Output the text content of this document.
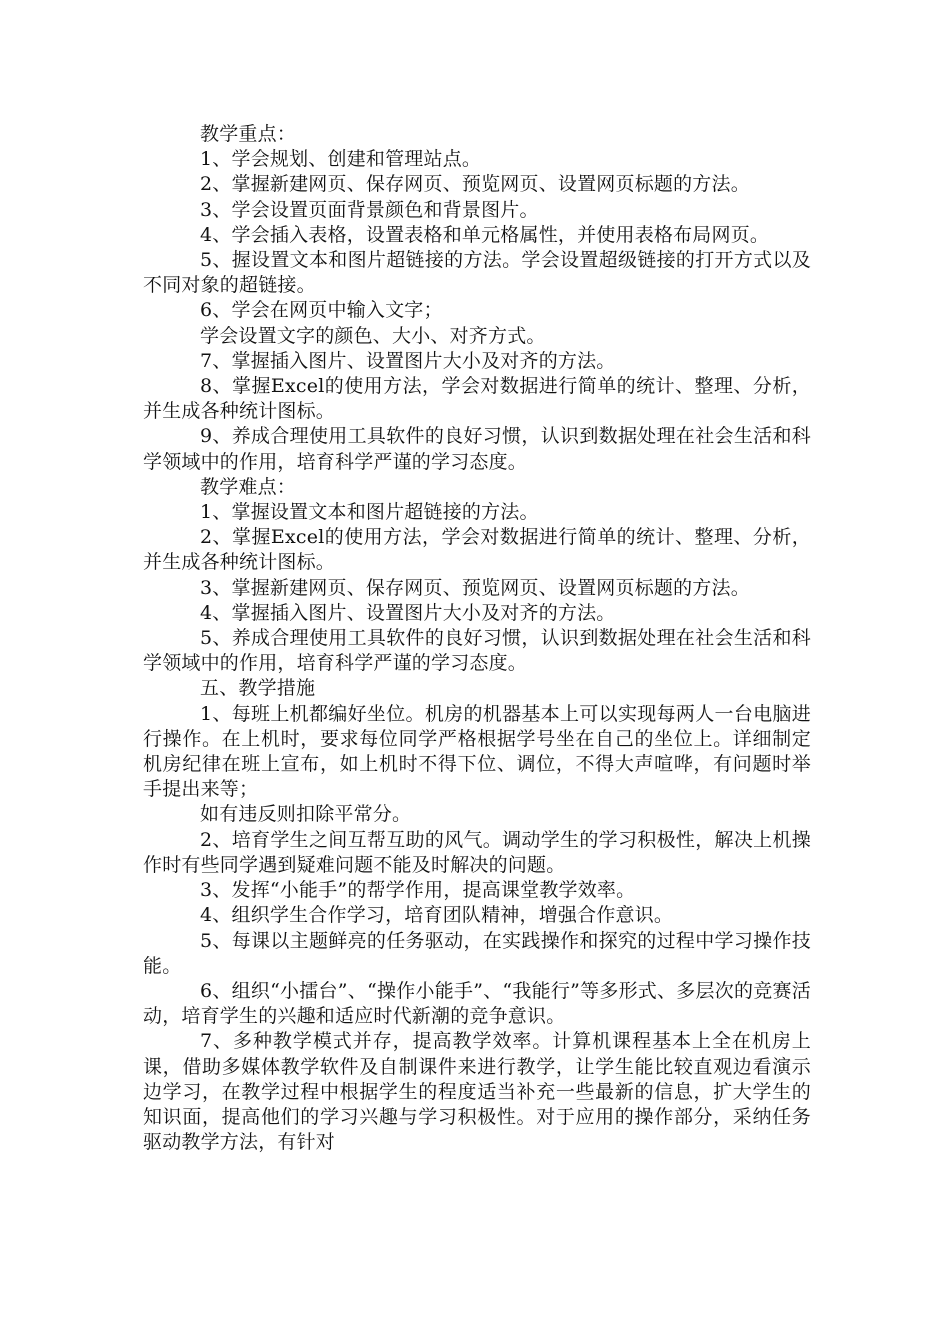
教学重点：

1、学会规划、创建和管理站点。

2、掌握新建网页、保存网页、预览网页、设置网页标题的方法。

3、学会设置页面背景颜色和背景图片。

4、学会插入表格，设置表格和单元格属性，并使用表格布局网页。

5、握设置文本和图片超链接的方法。学会设置超级链接的打开方式以及不同对象的超链接。

6、学会在网页中输入文字；

学会设置文字的颜色、大小、对齐方式。

7、掌握插入图片、设置图片大小及对齐的方法。

8、掌握Excel的使用方法，学会对数据进行简单的统计、整理、分析，并生成各种统计图标。

9、养成合理使用工具软件的良好习惯，认识到数据处理在社会生活和科学领域中的作用，培育科学严谨的学习态度。

教学难点：

1、掌握设置文本和图片超链接的方法。

2、掌握Excel的使用方法，学会对数据进行简单的统计、整理、分析，并生成各种统计图标。

3、掌握新建网页、保存网页、预览网页、设置网页标题的方法。

4、掌握插入图片、设置图片大小及对齐的方法。

5、养成合理使用工具软件的良好习惯，认识到数据处理在社会生活和科学领域中的作用，培育科学严谨的学习态度。

五、教学措施

1、每班上机都编好坐位。机房的机器基本上可以实现每两人一台电脑进行操作。在上机时，要求每位同学严格根据学号坐在自己的坐位上。详细制定机房纪律在班上宣布，如上机时不得下位、调位，不得大声喧哗，有问题时举手提出来等；

如有违反则扣除平常分。

2、培育学生之间互帮互助的风气。调动学生的学习积极性，解决上机操作时有些同学遇到疑难问题不能及时解决的问题。

3、发挥“小能手”的帮学作用，提高课堂教学效率。

4、组织学生合作学习，培育团队精神，增强合作意识。

5、每课以主题鲜亮的任务驱动，在实践操作和探究的过程中学习操作技能。

6、组织“小擂台”、“操作小能手”、“我能行”等多形式、多层次的竞赛活动，培育学生的兴趣和适应时代新潮的竞争意识。

7、多种教学模式并存，提高教学效率。计算机课程基本上全在机房上课，借助多媒体教学软件及自制课件来进行教学，让学生能比较直观边看演示边学习，在教学过程中根据学生的程度适当补充一些最新的信息，扩大学生的知识面，提高他们的学习兴趣与学习积极性。对于应用的操作部分，采纳任务驱动教学方法，有针对
